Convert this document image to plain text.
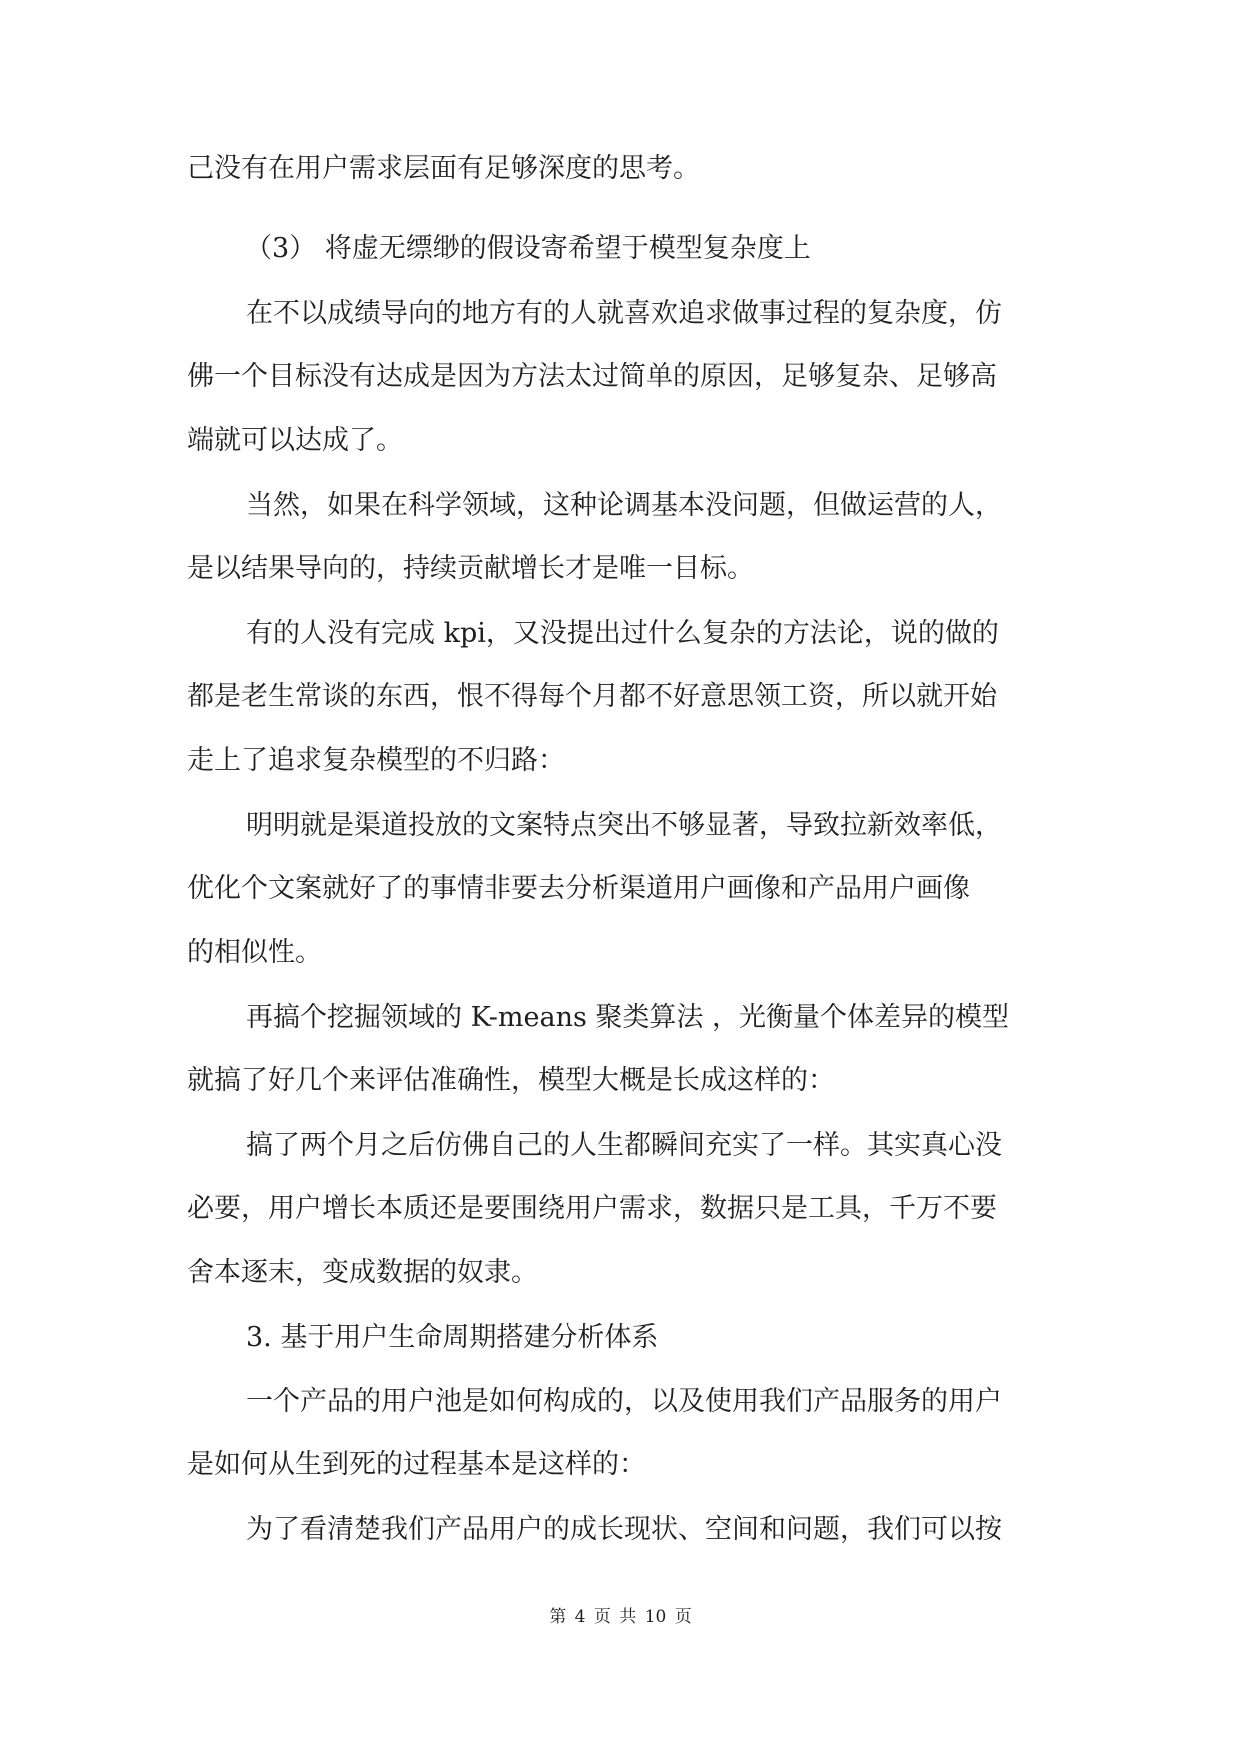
己没有在用户需求层面有足够深度的思考。
（3） 将虚无缥缈的假设寄希望于模型复杂度上
在不以成绩导向的地方有的人就喜欢追求做事过程的复杂度，仿
佛一个目标没有达成是因为方法太过简单的原因，足够复杂、足够高
端就可以达成了。
当然，如果在科学领域，这种论调基本没问题，但做运营的人，
是以结果导向的，持续贡献增长才是唯一目标。
有的人没有完成 kpi，又没提出过什么复杂的方法论，说的做的
都是老生常谈的东西，恨不得每个月都不好意思领工资，所以就开始
走上了追求复杂模型的不归路：
明明就是渠道投放的文案特点突出不够显著，导致拉新效率低，
优化个文案就好了的事情非要去分析渠道用户画像和产品用户画像
的相似性。
再搞个挖掘领域的 K-means 聚类算法 ，光衡量个体差异的模型
就搞了好几个来评估准确性，模型大概是长成这样的：
搞了两个月之后仿佛自己的人生都瞬间充实了一样。其实真心没
必要，用户增长本质还是要围绕用户需求，数据只是工具，千万不要
舍本逐末，变成数据的奴隶。
3. 基于用户生命周期搭建分析体系
一个产品的用户池是如何构成的，以及使用我们产品服务的用户
是如何从生到死的过程基本是这样的：
为了看清楚我们产品用户的成长现状、空间和问题，我们可以按
第 4 页 共 10 页
